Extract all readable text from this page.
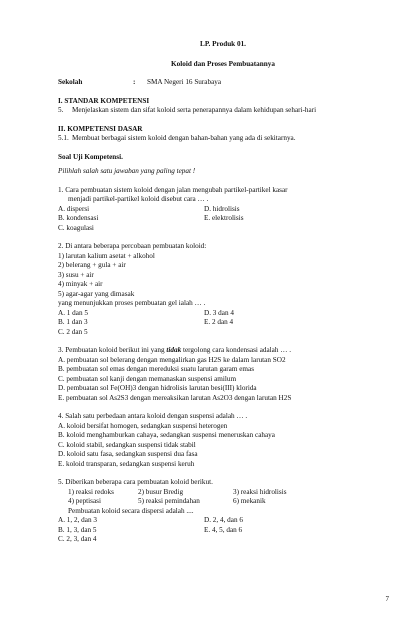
LP. Produk 01.
Koloid dan Proses Pembuatannya
Sekolah	:	SMA Negeri 16 Surabaya
I. STANDAR KOMPETENSI
5.	Menjelaskan sistem dan sifat koloid serta penerapannya dalam kehidupan sehari-hari
II. KOMPETENSI DASAR
5.1. Membuat berbagai sistem koloid dengan bahan-bahan yang ada di sekitarnya.
Soal Uji Kompetensi.
Pilihlah salah satu jawaban yang paling tepat !
1. Cara pembuatan sistem koloid dengan jalan mengubah partikel-partikel kasar
menjadi partikel-partikel koloid disebut cara … .
A. dispersi	D. hidrolisis
B. kondensasi	E. elektrolisis
C. koagulasi
2. Di antara beberapa percobaan pembuatan koloid:
1) larutan kalium asetat + alkohol
2) belerang + gula + air
3) susu + air
4) minyak + air
5) agar-agar yang dimasak
yang menunjukkan proses pembuatan gel ialah … .
A. 1 dan 5	D. 3 dan 4
B. 1 dan 3	E. 2 dan 4
C. 2 dan 5
3. Pembuatan koloid berikut ini yang tidak tergolong cara kondensasi adalah … .
A. pembuatan sol belerang dengan mengalirkan gas H2S ke dalam larutan SO2
B. pembuatan sol emas dengan mereduksi suatu larutan garam emas
C. pembuatan sol kanji dengan memanaskan suspensi amilum
D. pembuatan sol Fe(OH)3 dengan hidrolisis larutan besi(III) klorida
E. pembuatan sol As2S3 dengan mereaksikan larutan As2O3 dengan larutan H2S
4. Salah satu perbedaan antara koloid dengan suspensi adalah … .
A. koloid bersifat homogen, sedangkan suspensi heterogen
B. koloid menghamburkan cahaya, sedangkan suspensi meneruskan cahaya
C. koloid stabil, sedangkan suspensi tidak stabil
D. koloid satu fasa, sedangkan suspensi dua fasa
E. koloid transparan, sedangkan suspensi keruh
5. Diberikan beberapa cara pembuatan koloid berikut.
1) reaksi redoks	2) busur Bredig	3) reaksi hidrolisis
4) peptisasi	5) reaksi pemindahan	6) mekanik
Pembuatan koloid secara dispersi adalah ....
A. 1, 2, dan 3	D. 2, 4, dan 6
B. 1, 3, dan 5	E. 4, 5, dan 6
C. 2, 3, dan 4
7
